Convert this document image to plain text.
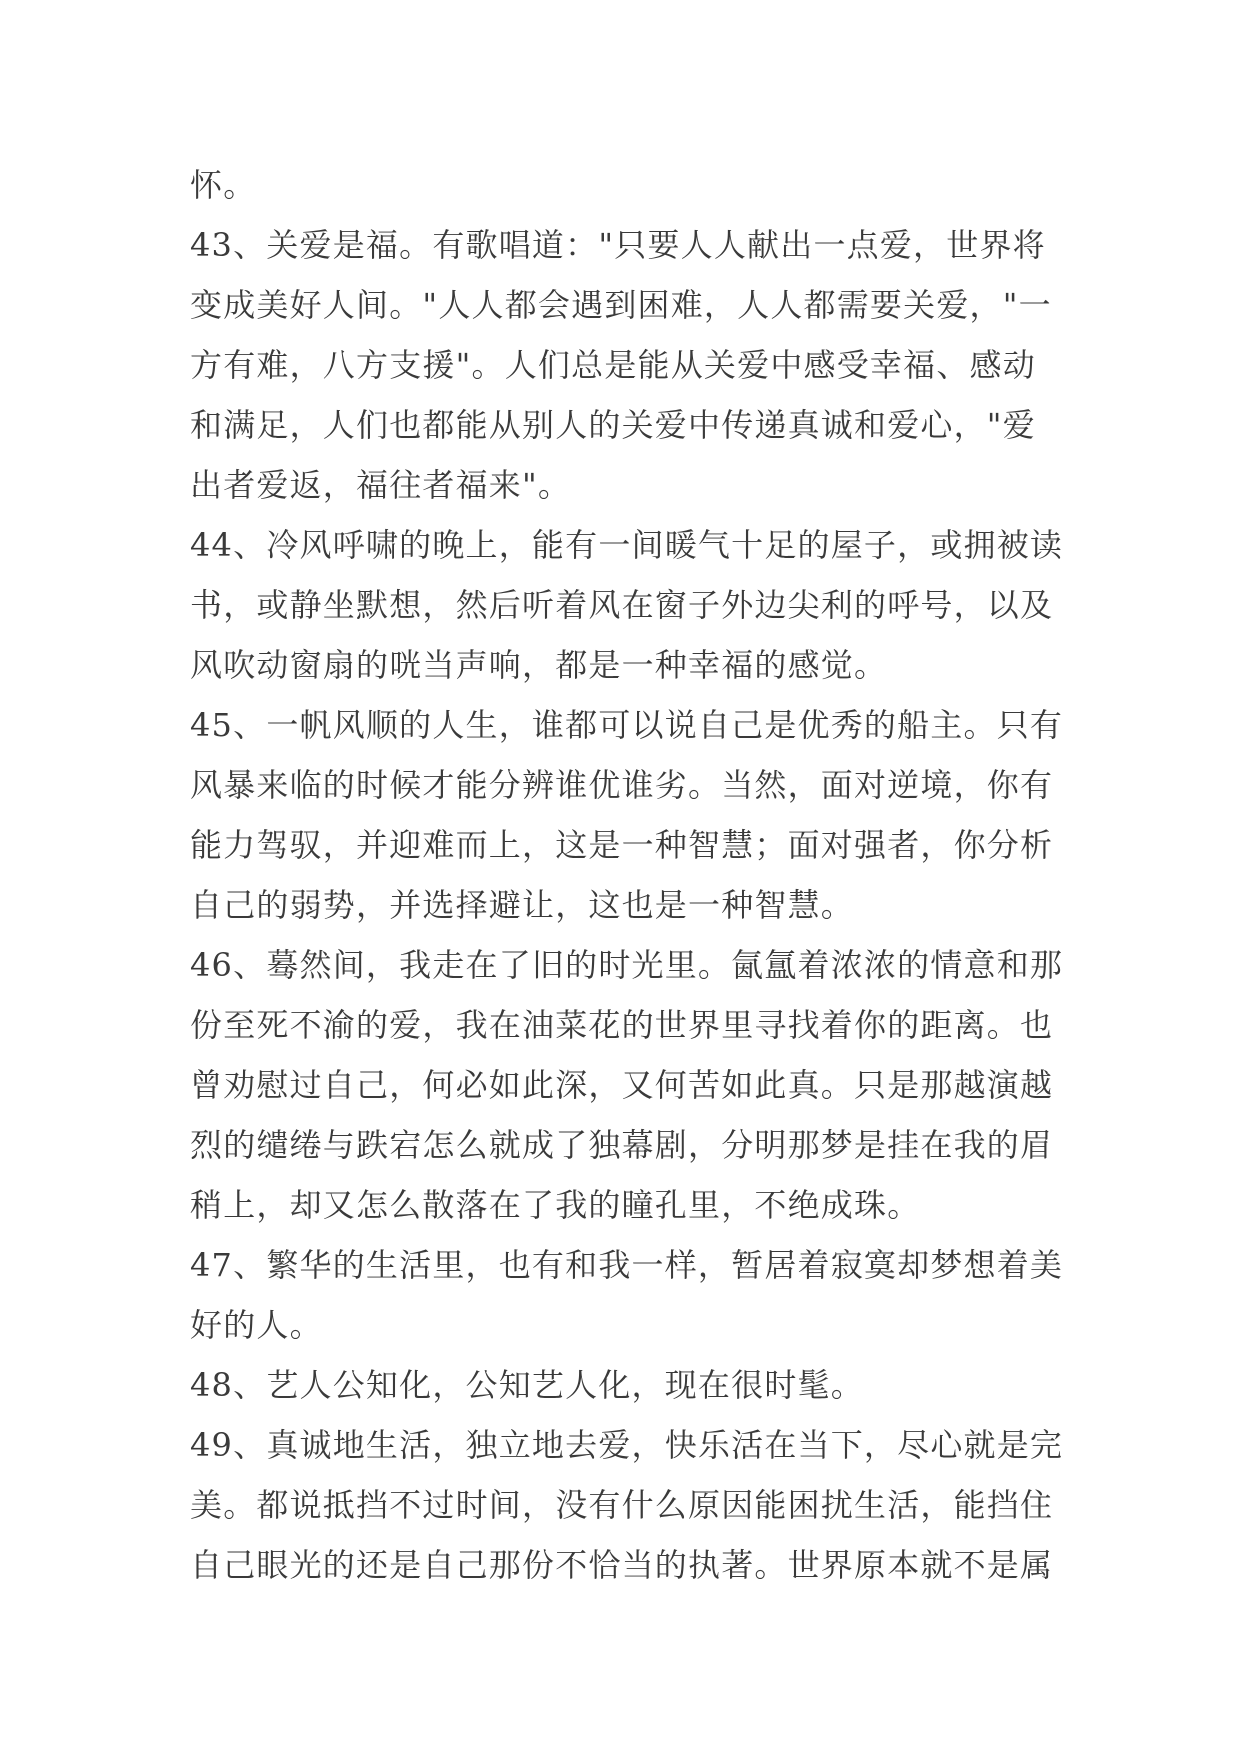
怀。
43、关爱是福。有歌唱道："只要人人献出一点爱，世界将
变成美好人间。"人人都会遇到困难，人人都需要关爱，"一
方有难，八方支援"。人们总是能从关爱中感受幸福、感动
和满足，人们也都能从别人的关爱中传递真诚和爱心，"爱
出者爱返，福往者福来"。
44、冷风呼啸的晚上，能有一间暖气十足的屋子，或拥被读
书，或静坐默想，然后听着风在窗子外边尖利的呼号，以及
风吹动窗扇的咣当声响，都是一种幸福的感觉。
45、一帆风顺的人生，谁都可以说自己是优秀的船主。只有
风暴来临的时候才能分辨谁优谁劣。当然，面对逆境，你有
能力驾驭，并迎难而上，这是一种智慧；面对强者，你分析
自己的弱势，并选择避让，这也是一种智慧。
46、蓦然间，我走在了旧的时光里。氤氲着浓浓的情意和那
份至死不渝的爱，我在油菜花的世界里寻找着你的距离。也
曾劝慰过自己，何必如此深，又何苦如此真。只是那越演越
烈的缱绻与跌宕怎么就成了独幕剧，分明那梦是挂在我的眉
稍上，却又怎么散落在了我的瞳孔里，不绝成珠。
47、繁华的生活里，也有和我一样，暂居着寂寞却梦想着美
好的人。
48、艺人公知化，公知艺人化，现在很时髦。
49、真诚地生活，独立地去爱，快乐活在当下，尽心就是完
美。都说抵挡不过时间，没有什么原因能困扰生活，能挡住
自己眼光的还是自己那份不恰当的执著。世界原本就不是属
